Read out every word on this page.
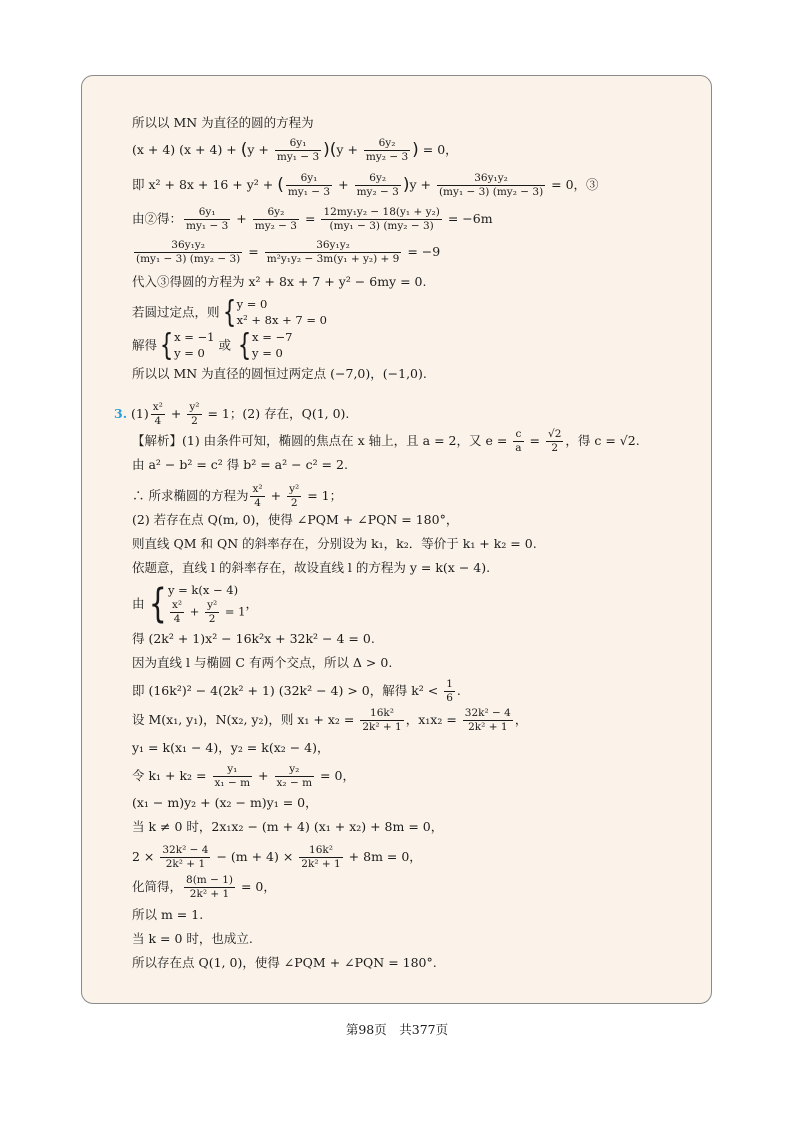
所以以 MN 为直径的圆的方程为
(x + 4) $(x + 4) + (y + \frac{\text{6y₁}}{\text{my₁ − 3}} )(y + \frac{\text{6y₂}}{\text{my₂ − 3}}$ ) = 0，
即 x² + 8x + 16 + y² + ( $\frac{\text{6y₁}}{\text{my₁ − 3}} + \frac{\text{6y₂}}{\text{my₂ − 3}} )y + \frac{\text{36y₁y₂}}{\text{(my₁ − 3) (my₂ − 3)}} = 0$，③
由②得： $\frac{\text{6y₁}}{\text{my₁ − 3}} + \frac{\text{6y₂}}{\text{my₂ − 3}} = \frac{\text{12my₁y₂ − 18(y₁ + y₂)}}{\text{(my₁ − 3) (my₂ − 3)}} = -6m$
$\frac{\text{36y₁y₂}}{\text{(my₁ − 3) (my₂ − 3)}} = \frac{\text{36y₁y₂}}{\text{m²y₁y₂ − 3m(y₁ + y₂) + 9}} = -9$
代入③得圆的方程为 x² + 8x + 7 + y² − 6my = 0.
若圆过定点，则{y = 0
x² + 8x + 7 = 0
解得{x = −1
y = 0 或 {x = −7
y = 0
所以以 MN 为直径的圆恒过两定点 (−7,0)，(−1,0).
3. $(1) \frac{\text{x²}}{4} + \frac{\text{y²}}{2} = 1$；(2) 存在，Q(1, 0).
【解析】(1) 由条件可知，椭圆的焦点在 x 轴上，且 a = 2，又 $e = \frac{c}{a} = \frac{√2}{2}$ ，得 c = √2.
由 a² − b² = c² 得 b² = a² − c² = 2.
∴ 所求椭圆的方程为 $\frac{\text{x²}}{4} + \frac{\text{y²}}{2} = 1$；
(2) 若存在点 Q(m, 0)，使得 ∠PQM + ∠PQN = 180°，
则直线 QM 和 QN 的斜率存在，分别设为 k₁，k₂．等价于 k₁ + k₂ = 0.
依题意，直线 l 的斜率存在，故设直线 l 的方程为 y = k(x − 4).
由{ y = k(x − 4)

$\frac{\text{x²}}{4} + \frac{\text{y²}}{2} = 1$，
得 (2k² + 1)x² − 16k²x + 32k² − 4 = 0.
因为直线 l 与椭圆 C 有两个交点，所以 Δ > 0.
即 (16k²)² − 4(2k² + 1) (32k² − 4) > 0，解得 $k^2 < \frac{1}{6}$ .
设 M(x₁, y₁)，N(x₂, y₂)，则 $x_1 + x_2 = \frac{\text{16k²}}{\text{2k² + 1}}$ ，$x_1x_2 = \frac{\text{32k² − 4}}{\text{2k² + 1}}$ ，
y₁ = k(x₁ − 4)，y₂ = k(x₂ − 4)，
令 $k_1 + k_2 = \frac{\text{y₁}}{\text{x₁ − m}} + \frac{\text{y₂}}{\text{x₂ − m}} = 0$，
(x₁ − m)y₂ + (x₂ − m)y₁ = 0，
当 k ≠ 0 时，2x₁x₂ − (m + 4) (x₁ + x₂) + 8m = 0，
$2 \times \frac{\text{32k² − 4}}{\text{2k² + 1}} - (m + 4) \times \frac{\text{16k²}}{\text{2k² + 1}} + 8m = 0$，
化简得， $\frac{8(m - 1)}{\text{2k² + 1}} = 0$，
所以 m = 1.
当 k = 0 时，也成立.
所以存在点 Q(1, 0)，使得 ∠PQM + ∠PQN = 180°.
第98页　共377页
